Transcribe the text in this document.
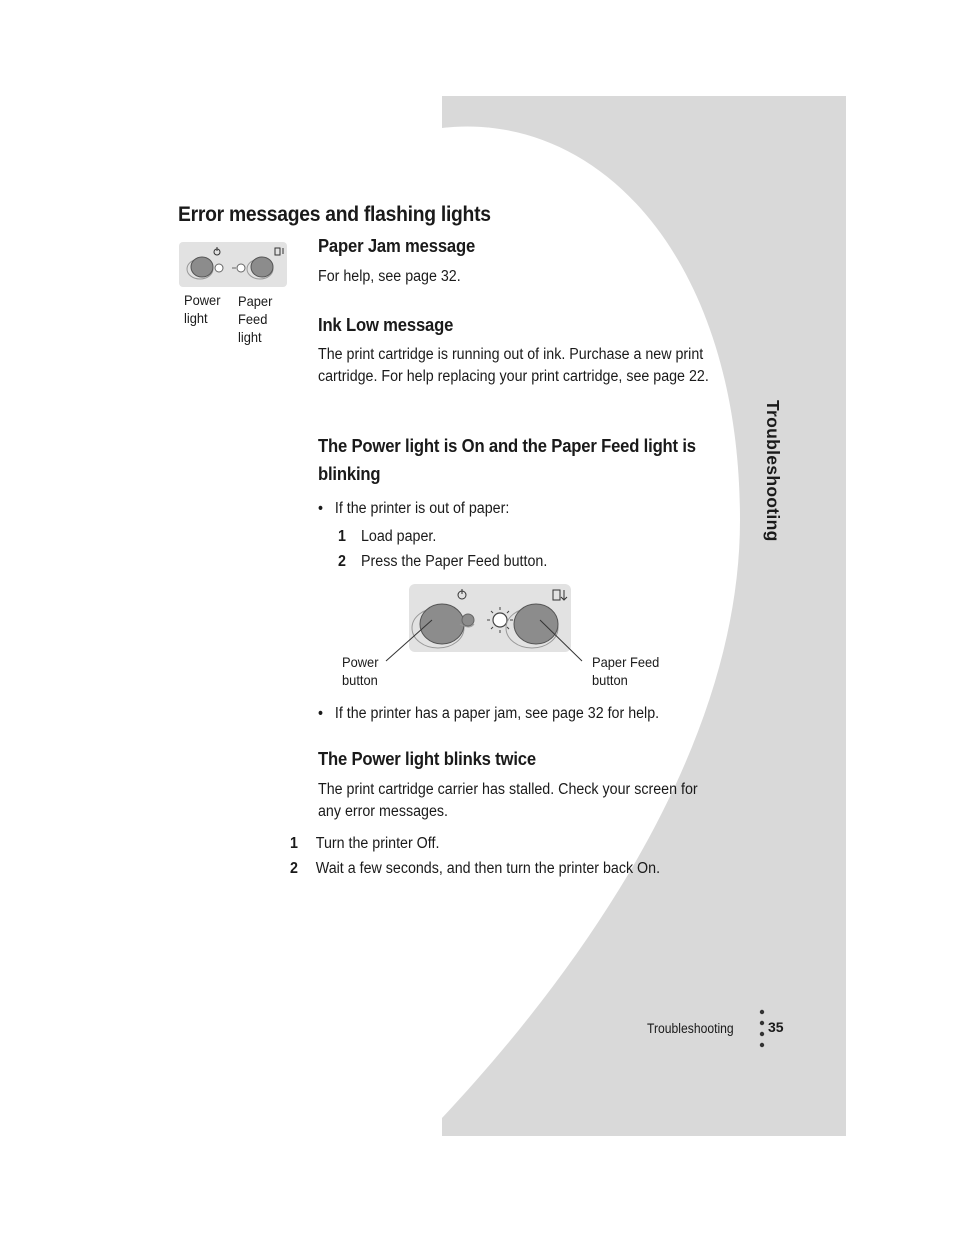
Error messages and flashing lights
Power
light
Paper
Feed
light
Paper Jam message
For help, see page 32.
Ink Low message
The print cartridge is running out of ink. Purchase a new print cartridge. For help replacing your print cartridge, see page 22.
The Power light is On and the Paper Feed light is
blinking
• If the printer is out of paper:
1 Load paper.
2 Press the Paper Feed button.
Power
button
Paper Feed
button
• If the printer has a paper jam, see page 32 for help.
The Power light blinks twice
The print cartridge carrier has stalled. Check your screen for any error messages.
1 Turn the printer Off.
2 Wait a few seconds, and then turn the printer back On.
Troubleshooting
Troubleshooting 35
